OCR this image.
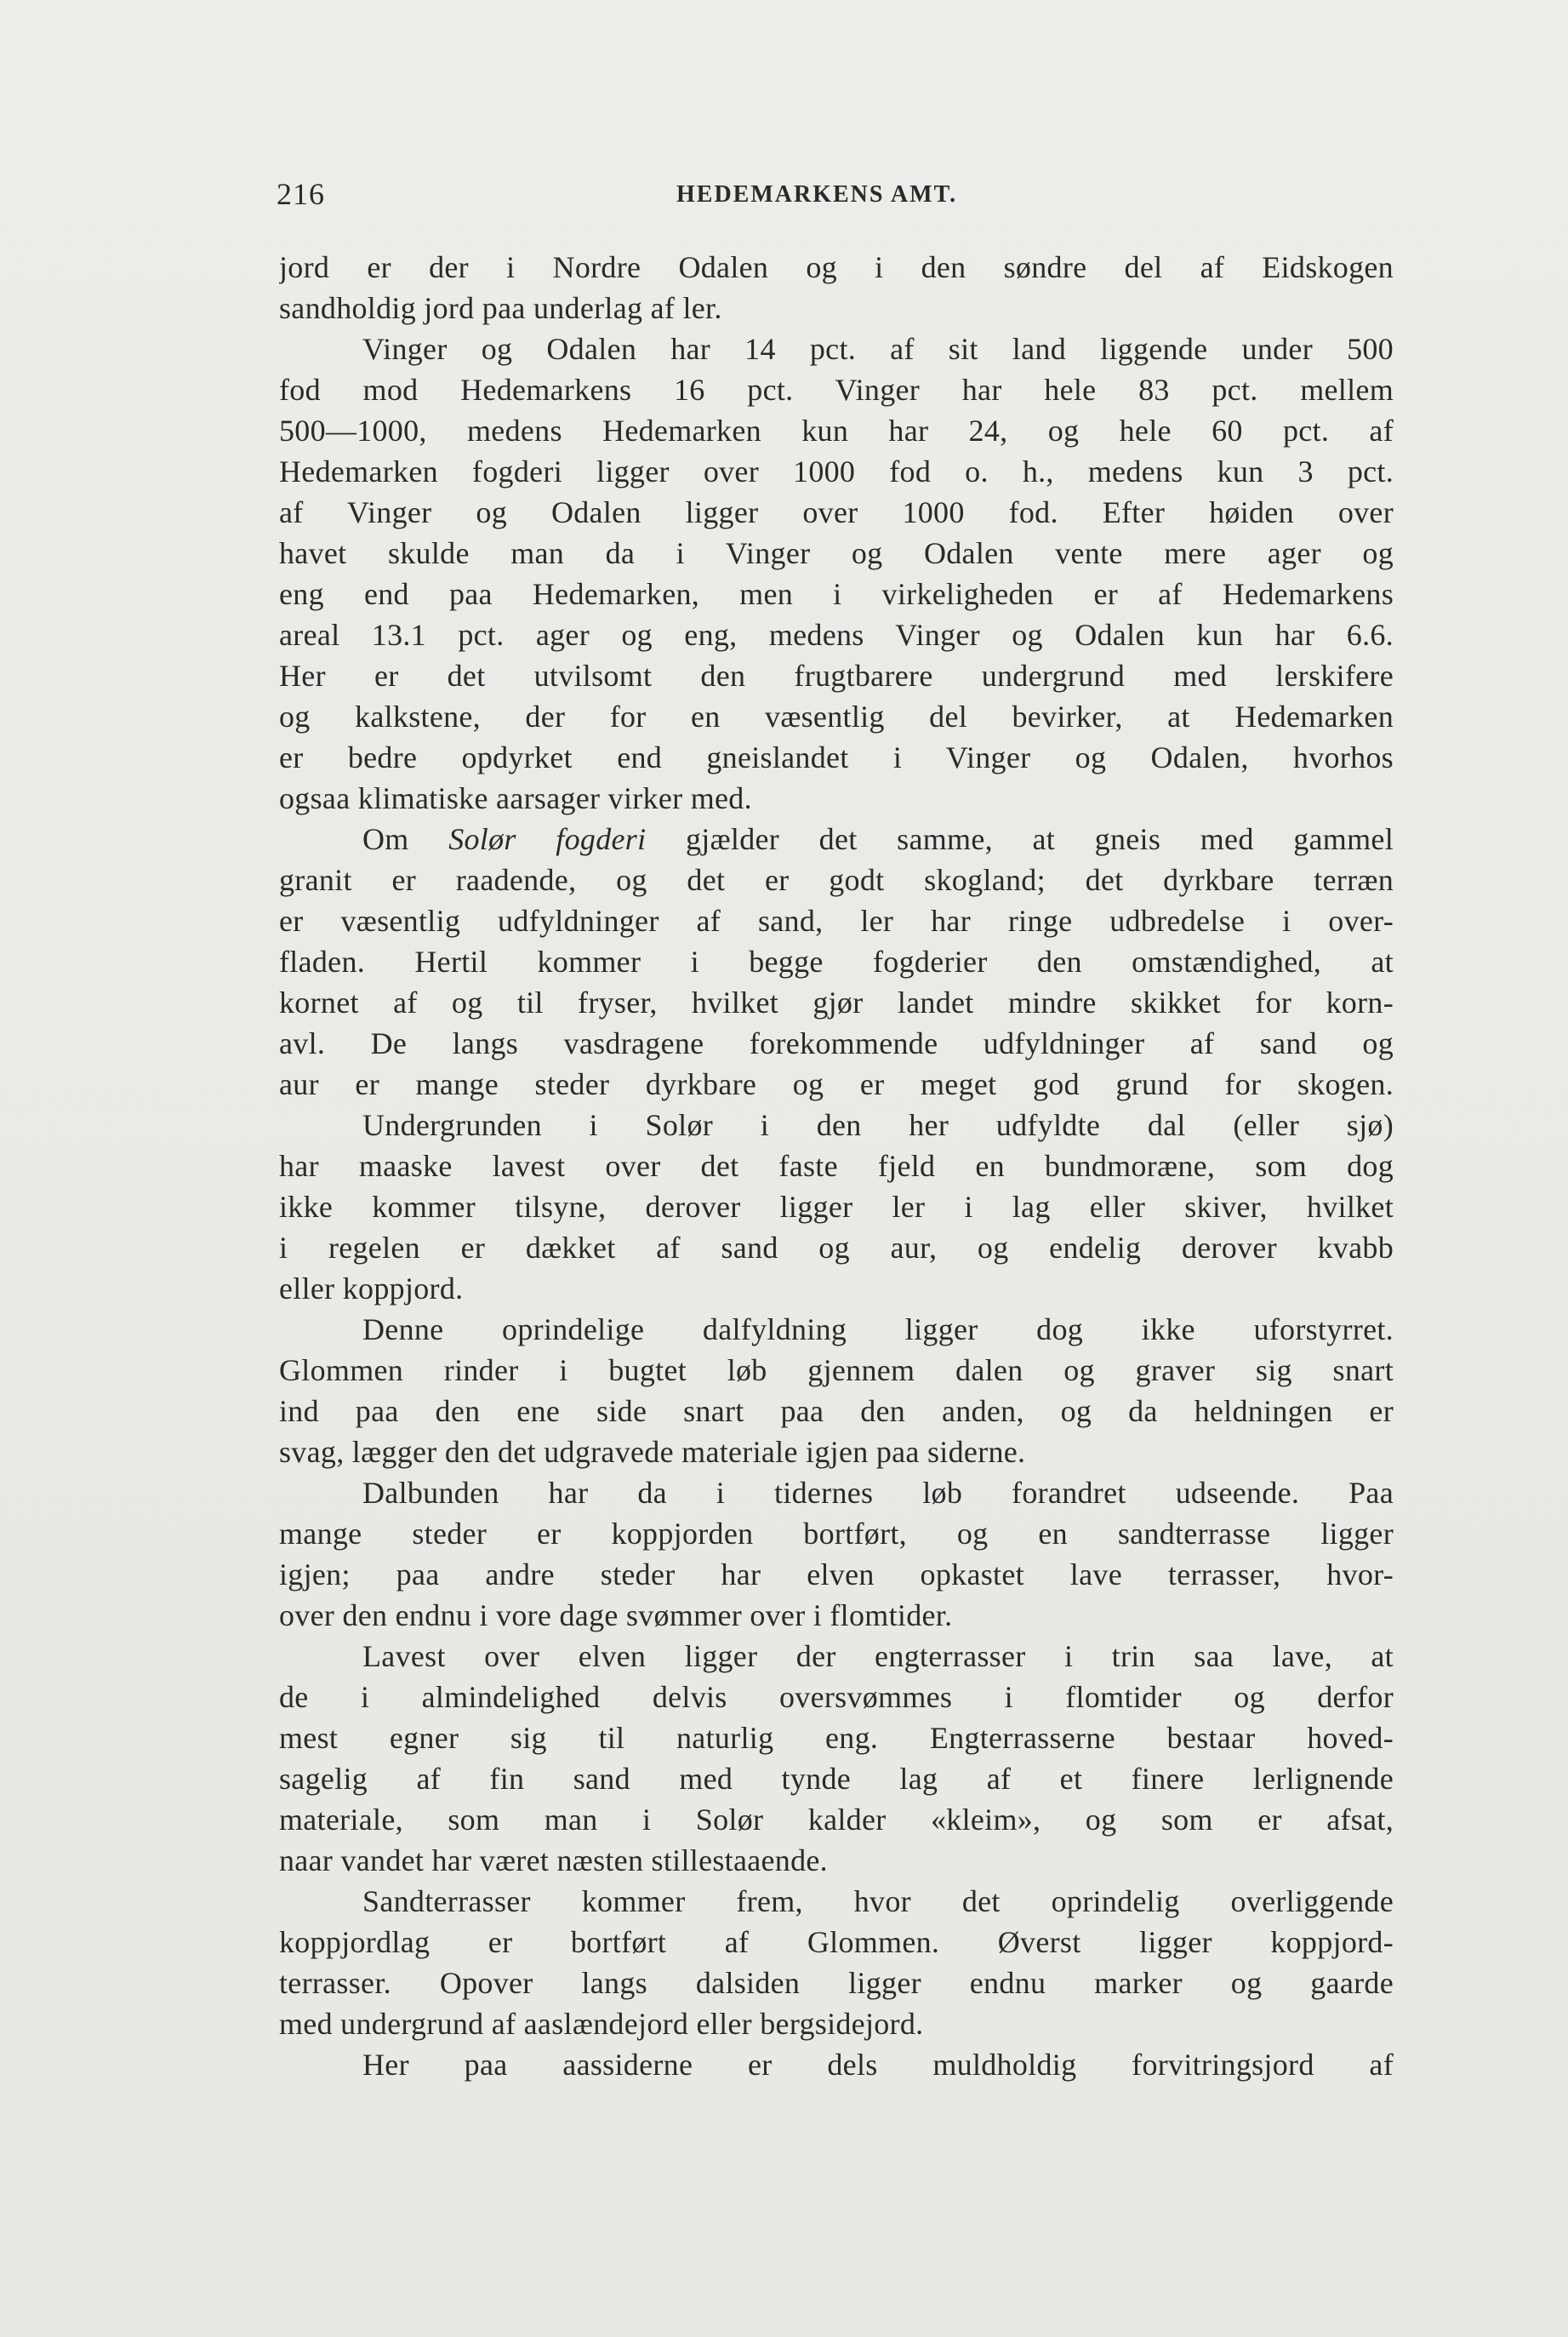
216	HEDEMARKENS AMT.
jord er der i Nordre Odalen og i den søndre del af Eidskogen
sandholdig jord paa underlag af ler.
Vinger og Odalen har 14 pct. af sit land liggende under 500
fod mod Hedemarkens 16 pct. Vinger har hele 83 pct. mellem
500—1000, medens Hedemarken kun har 24, og hele 60 pct. af
Hedemarken fogderi ligger over 1000 fod o. h., medens kun 3 pct.
af Vinger og Odalen ligger over 1000 fod. Efter høiden over
havet skulde man da i Vinger og Odalen vente mere ager og
eng end paa Hedemarken, men i virkeligheden er af Hedemarkens
areal 13.1 pct. ager og eng, medens Vinger og Odalen kun har 6.6.
Her er det utvilsomt den frugtbarere undergrund med lerskifere
og kalkstene, der for en væsentlig del bevirker, at Hedemarken
er bedre opdyrket end gneislandet i Vinger og Odalen, hvorhos
ogsaa klimatiske aarsager virker med.
Om Solør fogderi gjælder det samme, at gneis med gammel
granit er raadende, og det er godt skogland; det dyrkbare terræn
er væsentlig udfyldninger af sand, ler har ringe udbredelse i over-
fladen. Hertil kommer i begge fogderier den omstændighed, at
kornet af og til fryser, hvilket gjør landet mindre skikket for korn-
avl. De langs vasdragene forekommende udfyldninger af sand og
aur er mange steder dyrkbare og er meget god grund for skogen.
Undergrunden i Solør i den her udfyldte dal (eller sjø)
har maaske lavest over det faste fjeld en bundmoræne, som dog
ikke kommer tilsyne, derover ligger ler i lag eller skiver, hvilket
i regelen er dækket af sand og aur, og endelig derover kvabb
eller koppjord.
Denne oprindelige dalfyldning ligger dog ikke uforstyrret.
Glommen rinder i bugtet løb gjennem dalen og graver sig snart
ind paa den ene side snart paa den anden, og da heldningen er
svag, lægger den det udgravede materiale igjen paa siderne.
Dalbunden har da i tidernes løb forandret udseende. Paa
mange steder er koppjorden bortført, og en sandterrasse ligger
igjen; paa andre steder har elven opkastet lave terrasser, hvor-
over den endnu i vore dage svømmer over i flomtider.
Lavest over elven ligger der engterrasser i trin saa lave, at
de i almindelighed delvis oversvømmes i flomtider og derfor
mest egner sig til naturlig eng. Engterrasserne bestaar hoved-
sagelig af fin sand med tynde lag af et finere lerlignende
materiale, som man i Solør kalder «kleim», og som er afsat,
naar vandet har været næsten stillestaaende.
Sandterrasser kommer frem, hvor det oprindelig overliggende
koppjordlag er bortført af Glommen. Øverst ligger koppjord-
terrasser. Opover langs dalsiden ligger endnu marker og gaarde
med undergrund af aaslændejord eller bergsidejord.
Her paa aassiderne er dels muldholdig forvitringsjord af
